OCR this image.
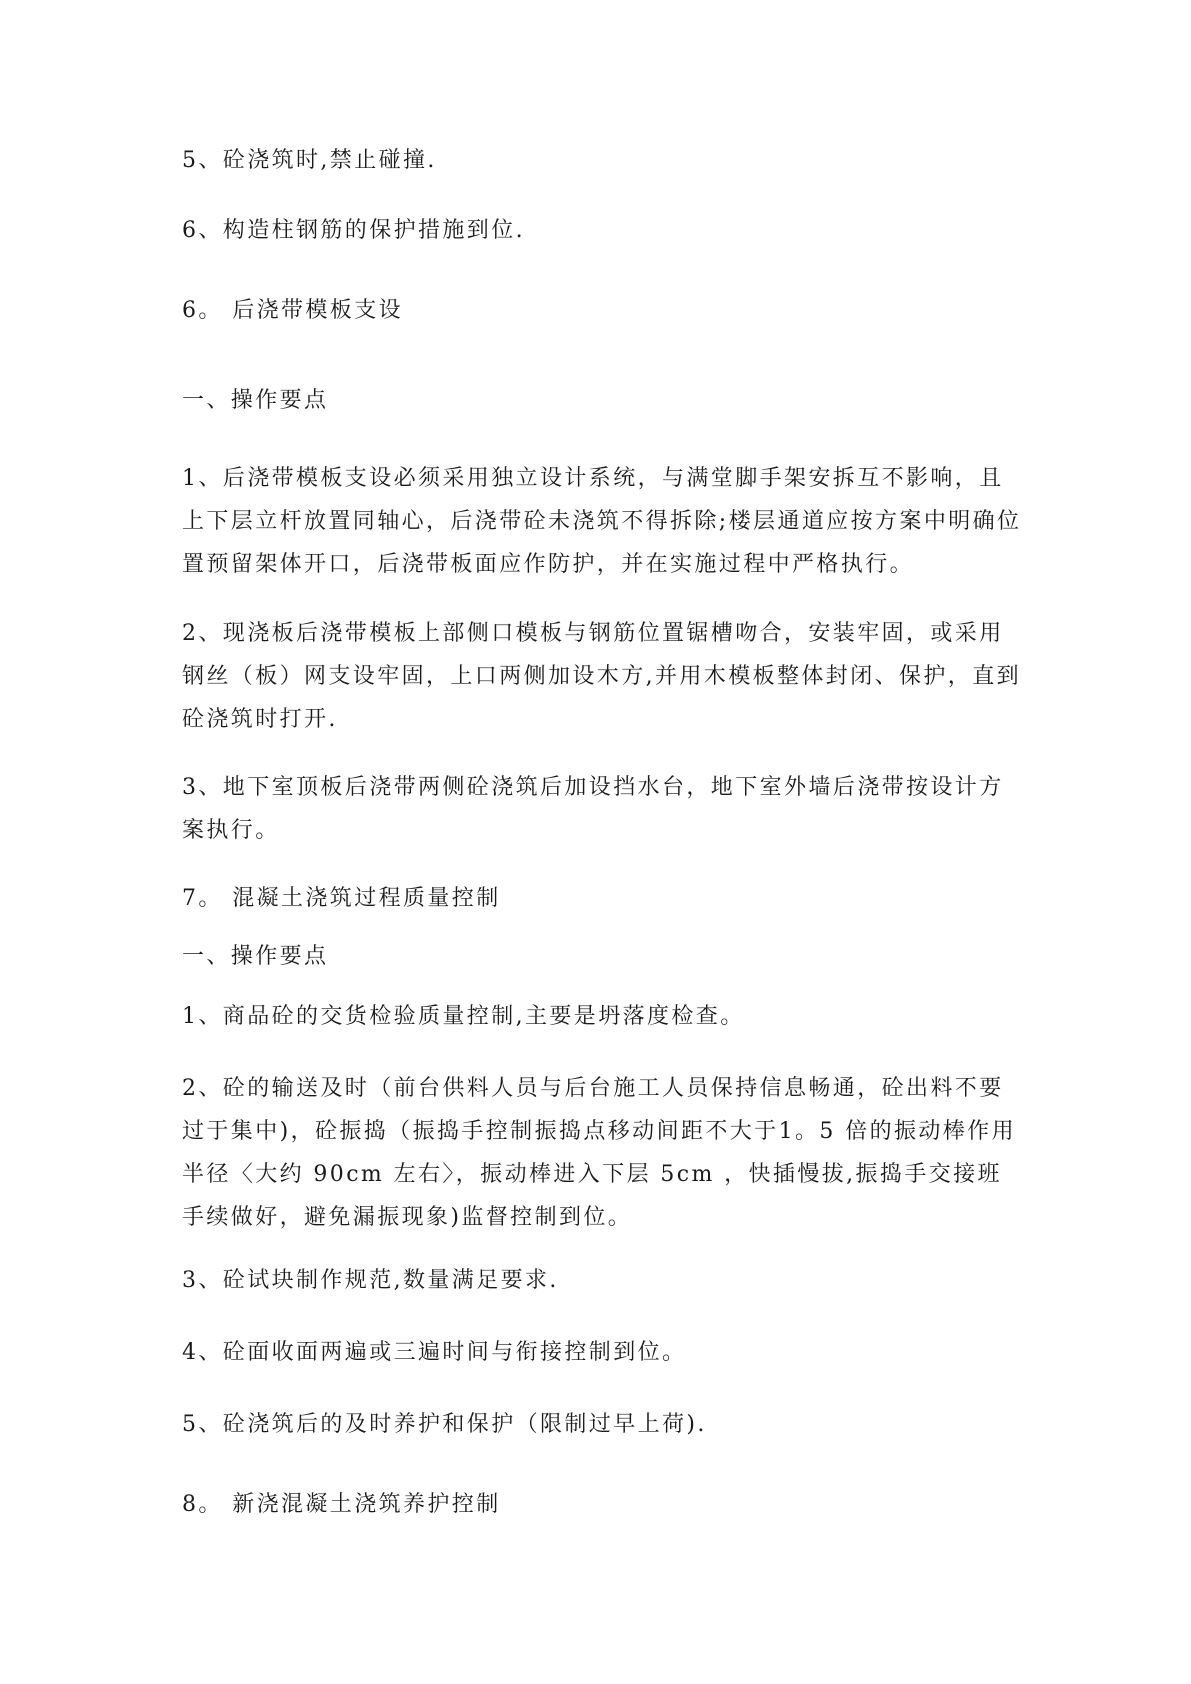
5、砼浇筑时,禁止碰撞.
6、构造柱钢筋的保护措施到位.
6。 后浇带模板支设
一、操作要点

1、后浇带模板支设必须采用独立设计系统，与满堂脚手架安拆互不影响，且上下层立杆放置同轴心，后浇带砼未浇筑不得拆除;楼层通道应按方案中明确位置预留架体开口，后浇带板面应作防护，并在实施过程中严格执行。

2、现浇板后浇带模板上部侧口模板与钢筋位置锯槽吻合，安装牢固，或采用钢丝（板）网支设牢固，上口两侧加设木方,并用木模板整体封闭、保护，直到砼浇筑时打开.

3、地下室顶板后浇带两侧砼浇筑后加设挡水台，地下室外墙后浇带按设计方案执行。

7。 混凝土浇筑过程质量控制
一、操作要点
1、商品砼的交货检验质量控制,主要是坍落度检查。

2、砼的输送及时（前台供料人员与后台施工人员保持信息畅通，砼出料不要过于集中)，砼振捣（振捣手控制振捣点移动间距不大于1。5 倍的振动棒作用半径〈大约 90cm 左右〉，振动棒进入下层 5cm ，快插慢拔,振捣手交接班手续做好，避免漏振现象)监督控制到位。

3、砼试块制作规范,数量满足要求.
4、砼面收面两遍或三遍时间与衔接控制到位。
5、砼浇筑后的及时养护和保护（限制过早上荷).
8。 新浇混凝土浇筑养护控制
